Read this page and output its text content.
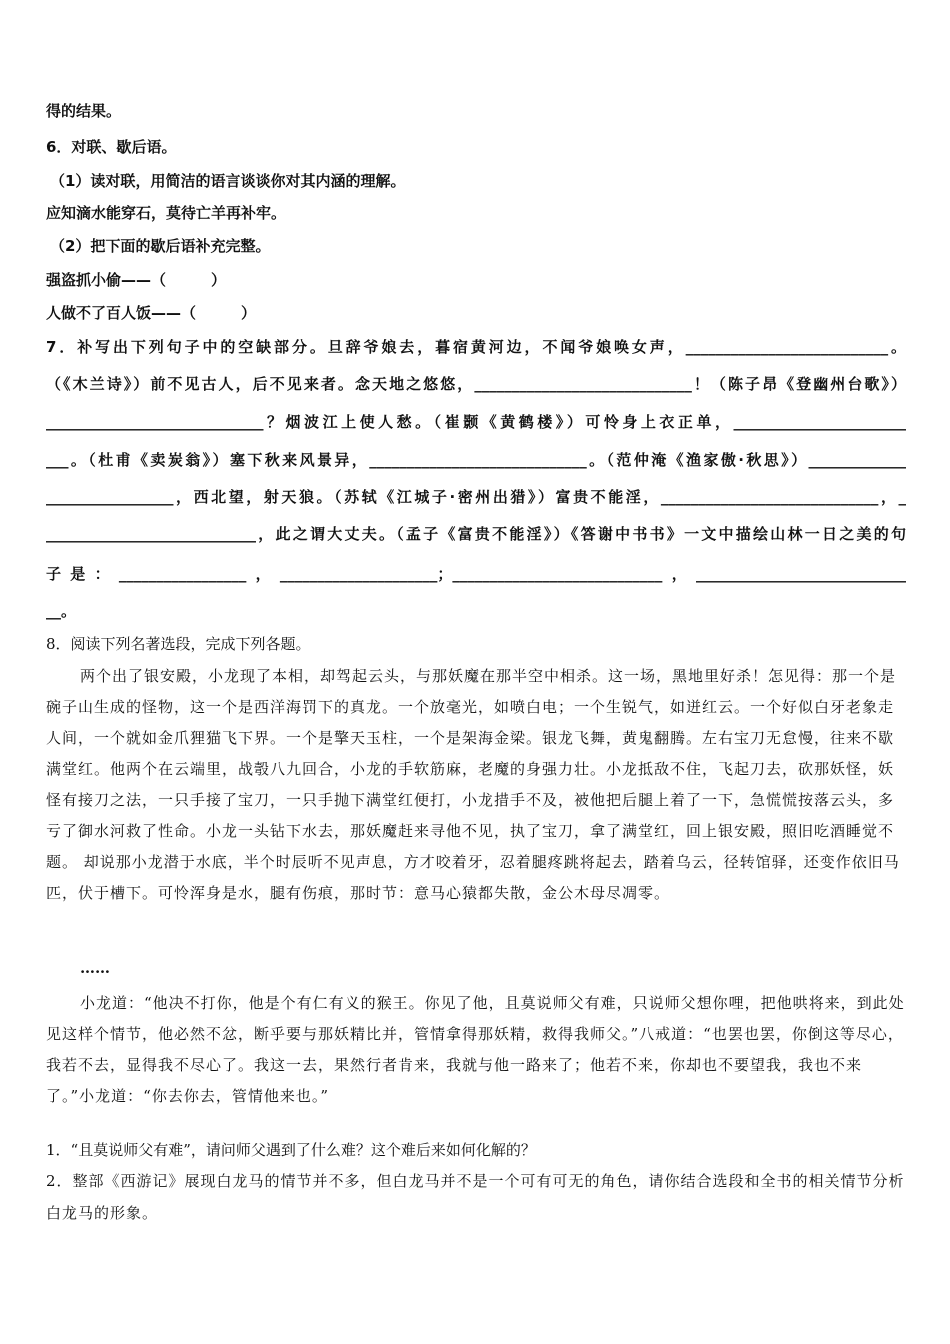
得的结果。
6．对联、歇后语。
（1）读对联，用简洁的语言谈谈你对其内涵的理解。
应知滴水能穿石，莫待亡羊再补牢。
（2）把下面的歇后语补充完整。
强盗抓小偷——（　　　）
人做不了百人饭——（　　　）
7．补写出下列句子中的空缺部分。旦辞爷娘去，暮宿黄河边，不闻爷娘唤女声，___________________________。
（《木兰诗》）前不见古人，后不见来者。念天地之悠悠，_____________________________！（陈子昂《登幽州台歌》）
_____________________________？烟波江上使人愁。（崔颢《黄鹤楼》）可怜身上衣正单，_______________________
___。（杜甫《卖炭翁》）塞下秋来风景异，_____________________________。（范仲淹《渔家傲·秋思》）_____________
_________________，西北望，射天狼。（苏轼《江城子·密州出猎》）富贵不能淫，_____________________________，_
____________________________，此之谓大丈夫。（孟子《富贵不能淫》）《答谢中书书》一文中描绘山林一日之美的句
子是：_________________，_____________________；____________________________，____________________________
__。
8．阅读下列名著选段，完成下列各题。
两个出了银安殿，小龙现了本相，却驾起云头，与那妖魔在那半空中相杀。这一场，黑地里好杀！怎见得：那一个是碗子山生成的怪物，这一个是西洋海罚下的真龙。一个放毫光，如喷白电；一个生锐气，如迸红云。一个好似白牙老象走人间，一个就如金爪狸猫飞下界。一个是擎天玉柱，一个是架海金梁。银龙飞舞，黄鬼翻腾。左右宝刀无怠慢，往来不歇满堂红。他两个在云端里，战彀八九回合，小龙的手软筋麻，老魔的身强力壮。小龙抵敌不住，飞起刀去，砍那妖怪，妖怪有接刀之法，一只手接了宝刀，一只手抛下满堂红便打，小龙措手不及，被他把后腿上着了一下，急慌慌按落云头，多亏了御水河救了性命。小龙一头钻下水去，那妖魔赶来寻他不见，执了宝刀，拿了满堂红，回上银安殿，照旧吃酒睡觉不题。 却说那小龙潜于水底，半个时辰听不见声息，方才咬着牙，忍着腿疼跳将起去，踏着乌云，径转馆驿，还变作依旧马匹，伏于槽下。可怜浑身是水，腿有伤痕，那时节：意马心猿都失散，金公木母尽凋零。
……
小龙道：“他决不打你，他是个有仁有义的猴王。你见了他，且莫说师父有难，只说师父想你哩，把他哄将来，到此处见这样个情节，他必然不忿，断乎要与那妖精比并，管情拿得那妖精，救得我师父。”八戒道：“也罢也罢，你倒这等尽心，我若不去，显得我不尽心了。我这一去，果然行者肯来，我就与他一路来了；他若不来，你却也不要望我，我也不来了。”小龙道：“你去你去，管情他来也。”
1．“且莫说师父有难”，请问师父遇到了什么难？这个难后来如何化解的？
2．整部《西游记》展现白龙马的情节并不多，但白龙马并不是一个可有可无的角色，请你结合选段和全书的相关情节分析白龙马的形象。
